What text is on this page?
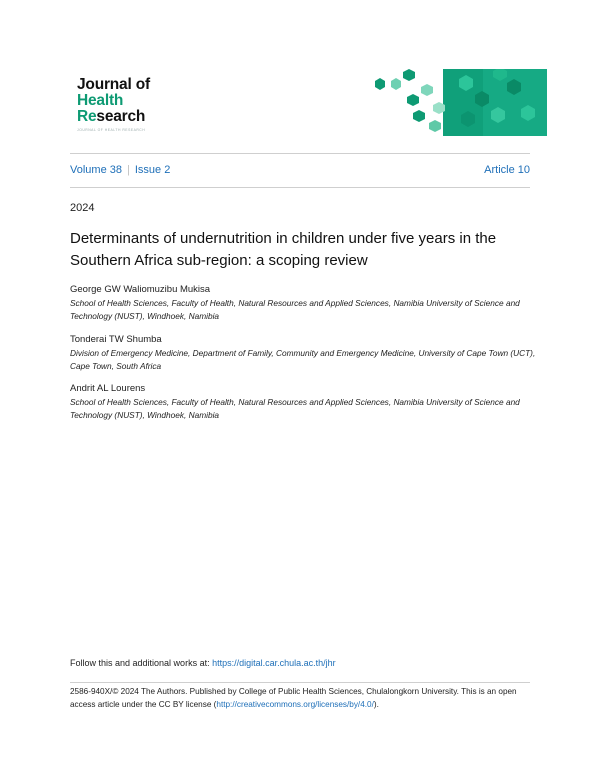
Journal of
Health
Research
JOURNAL OF HEALTH RESEARCH
Volume 38 | Issue 2	Article 10
2024
Determinants of undernutrition in children under five years in the Southern Africa sub-region: a scoping review
George GW Waliomuzibu Mukisa
School of Health Sciences, Faculty of Health, Natural Resources and Applied Sciences, Namibia University of Science and Technology (NUST), Windhoek, Namibia
Tonderai TW Shumba
Division of Emergency Medicine, Department of Family, Community and Emergency Medicine, University of Cape Town (UCT), Cape Town, South Africa
Andrit AL Lourens
School of Health Sciences, Faculty of Health, Natural Resources and Applied Sciences, Namibia University of Science and Technology (NUST), Windhoek, Namibia
Follow this and additional works at: https://digital.car.chula.ac.th/jhr
2586-940X/© 2024 The Authors. Published by College of Public Health Sciences, Chulalongkorn University. This is an open access article under the CC BY license (http://creativecommons.org/licenses/by/4.0/).
